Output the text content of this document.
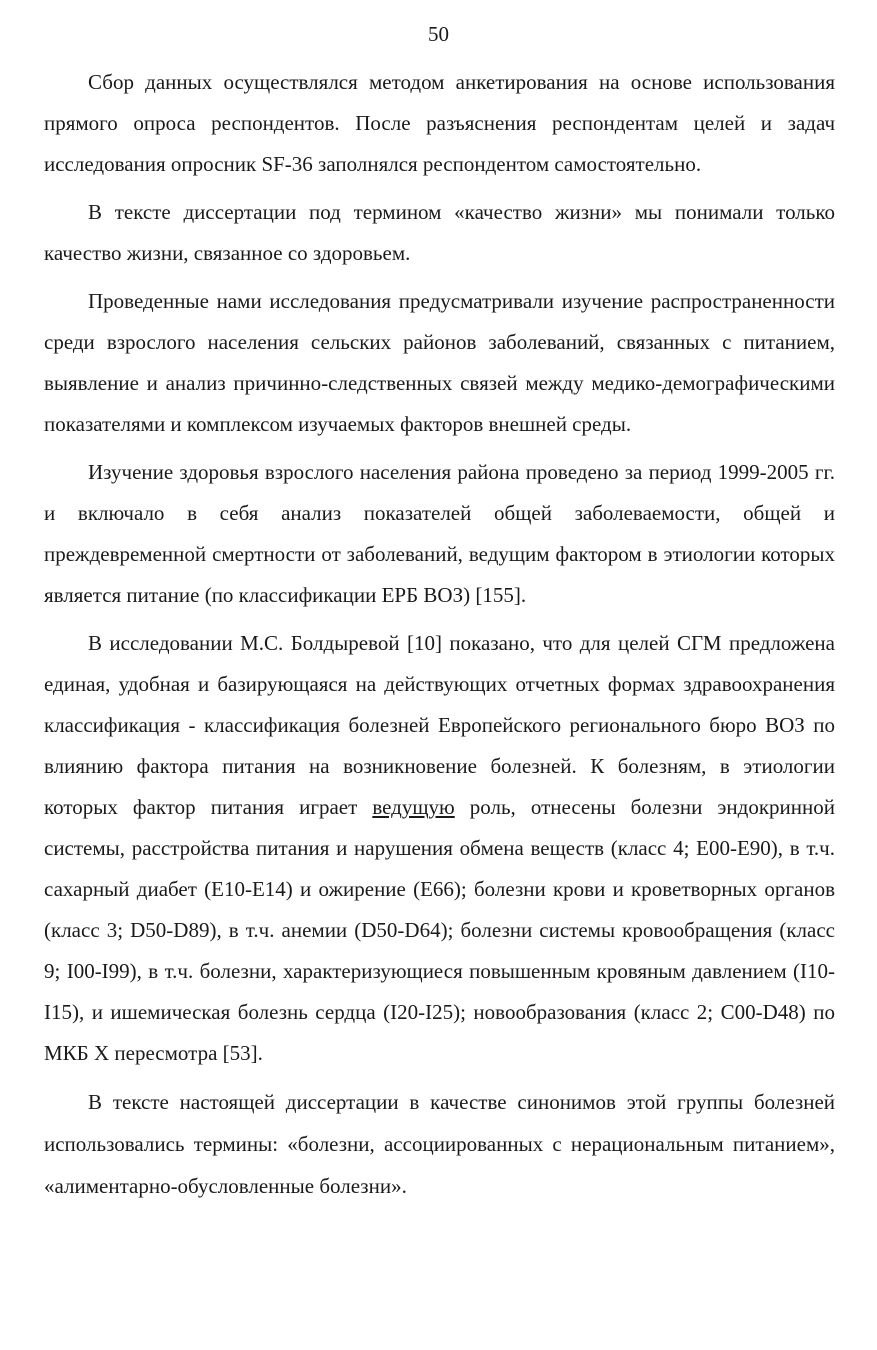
50

Сбор данных осуществлялся методом анкетирования на основе использования прямого опроса респондентов. После разъяснения респондентам целей и задач исследования опросник SF-36 заполнялся респондентом самостоятельно.

В тексте диссертации под термином «качество жизни» мы понимали только качество жизни, связанное со здоровьем.

Проведенные нами исследования предусматривали изучение распространенности среди взрослого населения сельских районов заболеваний, связанных с питанием, выявление и анализ причинно-следственных связей между медико-демографическими показателями и комплексом изучаемых факторов внешней среды.

Изучение здоровья взрослого населения района проведено за период 1999-2005 гг. и включало в себя анализ показателей общей заболеваемости, общей и преждевременной смертности от заболеваний, ведущим фактором в этиологии которых является питание (по классификации ЕРБ ВОЗ) [155].

В исследовании М.С. Болдыревой [10] показано, что для целей СГМ предложена единая, удобная и базирующаяся на действующих отчетных формах здравоохранения классификация - классификация болезней Европейского регионального бюро ВОЗ по влиянию фактора питания на возникновение болезней. К болезням, в этиологии которых фактор питания играет ведущую роль, отнесены болезни эндокринной системы, расстройства питания и нарушения обмена веществ (класс 4; Е00-Е90), в т.ч. сахарный диабет (Е10-Е14) и ожирение (Е66); болезни крови и кроветворных органов (класс 3; D50-D89), в т.ч. анемии (D50-D64); болезни системы кровообращения (класс 9; I00-I99), в т.ч. болезни, характеризующиеся повышенным кровяным давлением (I10-I15), и ишемическая болезнь сердца (I20-I25); новообразования (класс 2; С00-D48) по МКБ X пересмотра [53].

В тексте настоящей диссертации в качестве синонимов этой группы болезней использовались термины: «болезни, ассоциированных с нерациональным питанием», «алиментарно-обусловленные болезни».
